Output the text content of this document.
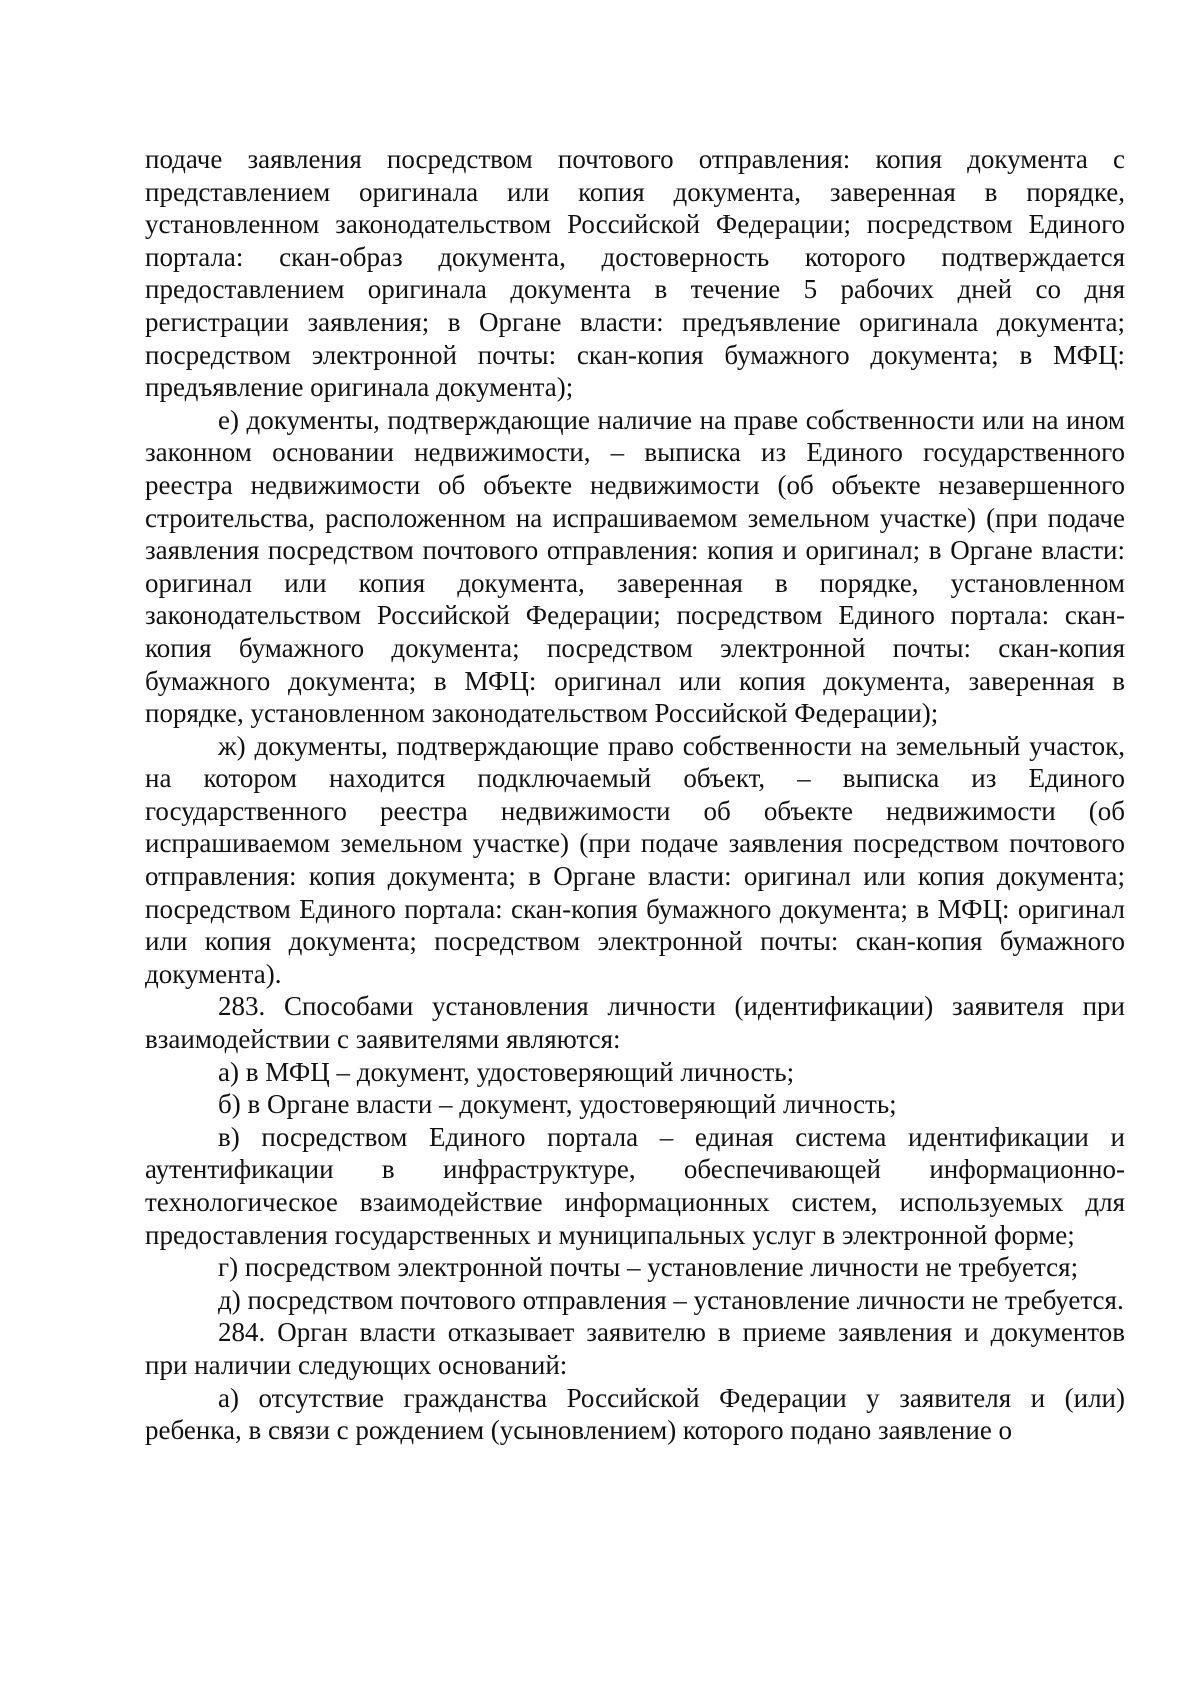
подаче заявления посредством почтового отправления: копия документа с представлением оригинала или копия документа, заверенная в порядке, установленном законодательством Российской Федерации; посредством Единого портала: скан-образ документа, достоверность которого подтверждается предоставлением оригинала документа в течение 5 рабочих дней со дня регистрации заявления; в Органе власти: предъявление оригинала документа; посредством электронной почты: скан-копия бумажного документа; в МФЦ: предъявление оригинала документа);

е) документы, подтверждающие наличие на праве собственности или на ином законном основании недвижимости, – выписка из Единого государственного реестра недвижимости об объекте недвижимости (об объекте незавершенного строительства, расположенном на испрашиваемом земельном участке) (при подаче заявления посредством почтового отправления: копия и оригинал; в Органе власти: оригинал или копия документа, заверенная в порядке, установленном законодательством Российской Федерации; посредством Единого портала: скан-копия бумажного документа; посредством электронной почты: скан-копия бумажного документа; в МФЦ: оригинал или копия документа, заверенная в порядке, установленном законодательством Российской Федерации);

ж) документы, подтверждающие право собственности на земельный участок, на котором находится подключаемый объект, – выписка из Единого государственного реестра недвижимости об объекте недвижимости (об испрашиваемом земельном участке) (при подаче заявления посредством почтового отправления: копия документа; в Органе власти: оригинал или копия документа; посредством Единого портала: скан-копия бумажного документа; в МФЦ: оригинал или копия документа; посредством электронной почты: скан-копия бумажного документа).

283. Способами установления личности (идентификации) заявителя при взаимодействии с заявителями являются:

а) в МФЦ – документ, удостоверяющий личность;

б) в Органе власти – документ, удостоверяющий личность;

в) посредством Единого портала – единая система идентификации и аутентификации в инфраструктуре, обеспечивающей информационно-технологическое взаимодействие информационных систем, используемых для предоставления государственных и муниципальных услуг в электронной форме;

г) посредством электронной почты – установление личности не требуется;

д) посредством почтового отправления – установление личности не требуется.

284. Орган власти отказывает заявителю в приеме заявления и документов при наличии следующих оснований:

а) отсутствие гражданства Российской Федерации у заявителя и (или) ребенка, в связи с рождением (усыновлением) которого подано заявление о
